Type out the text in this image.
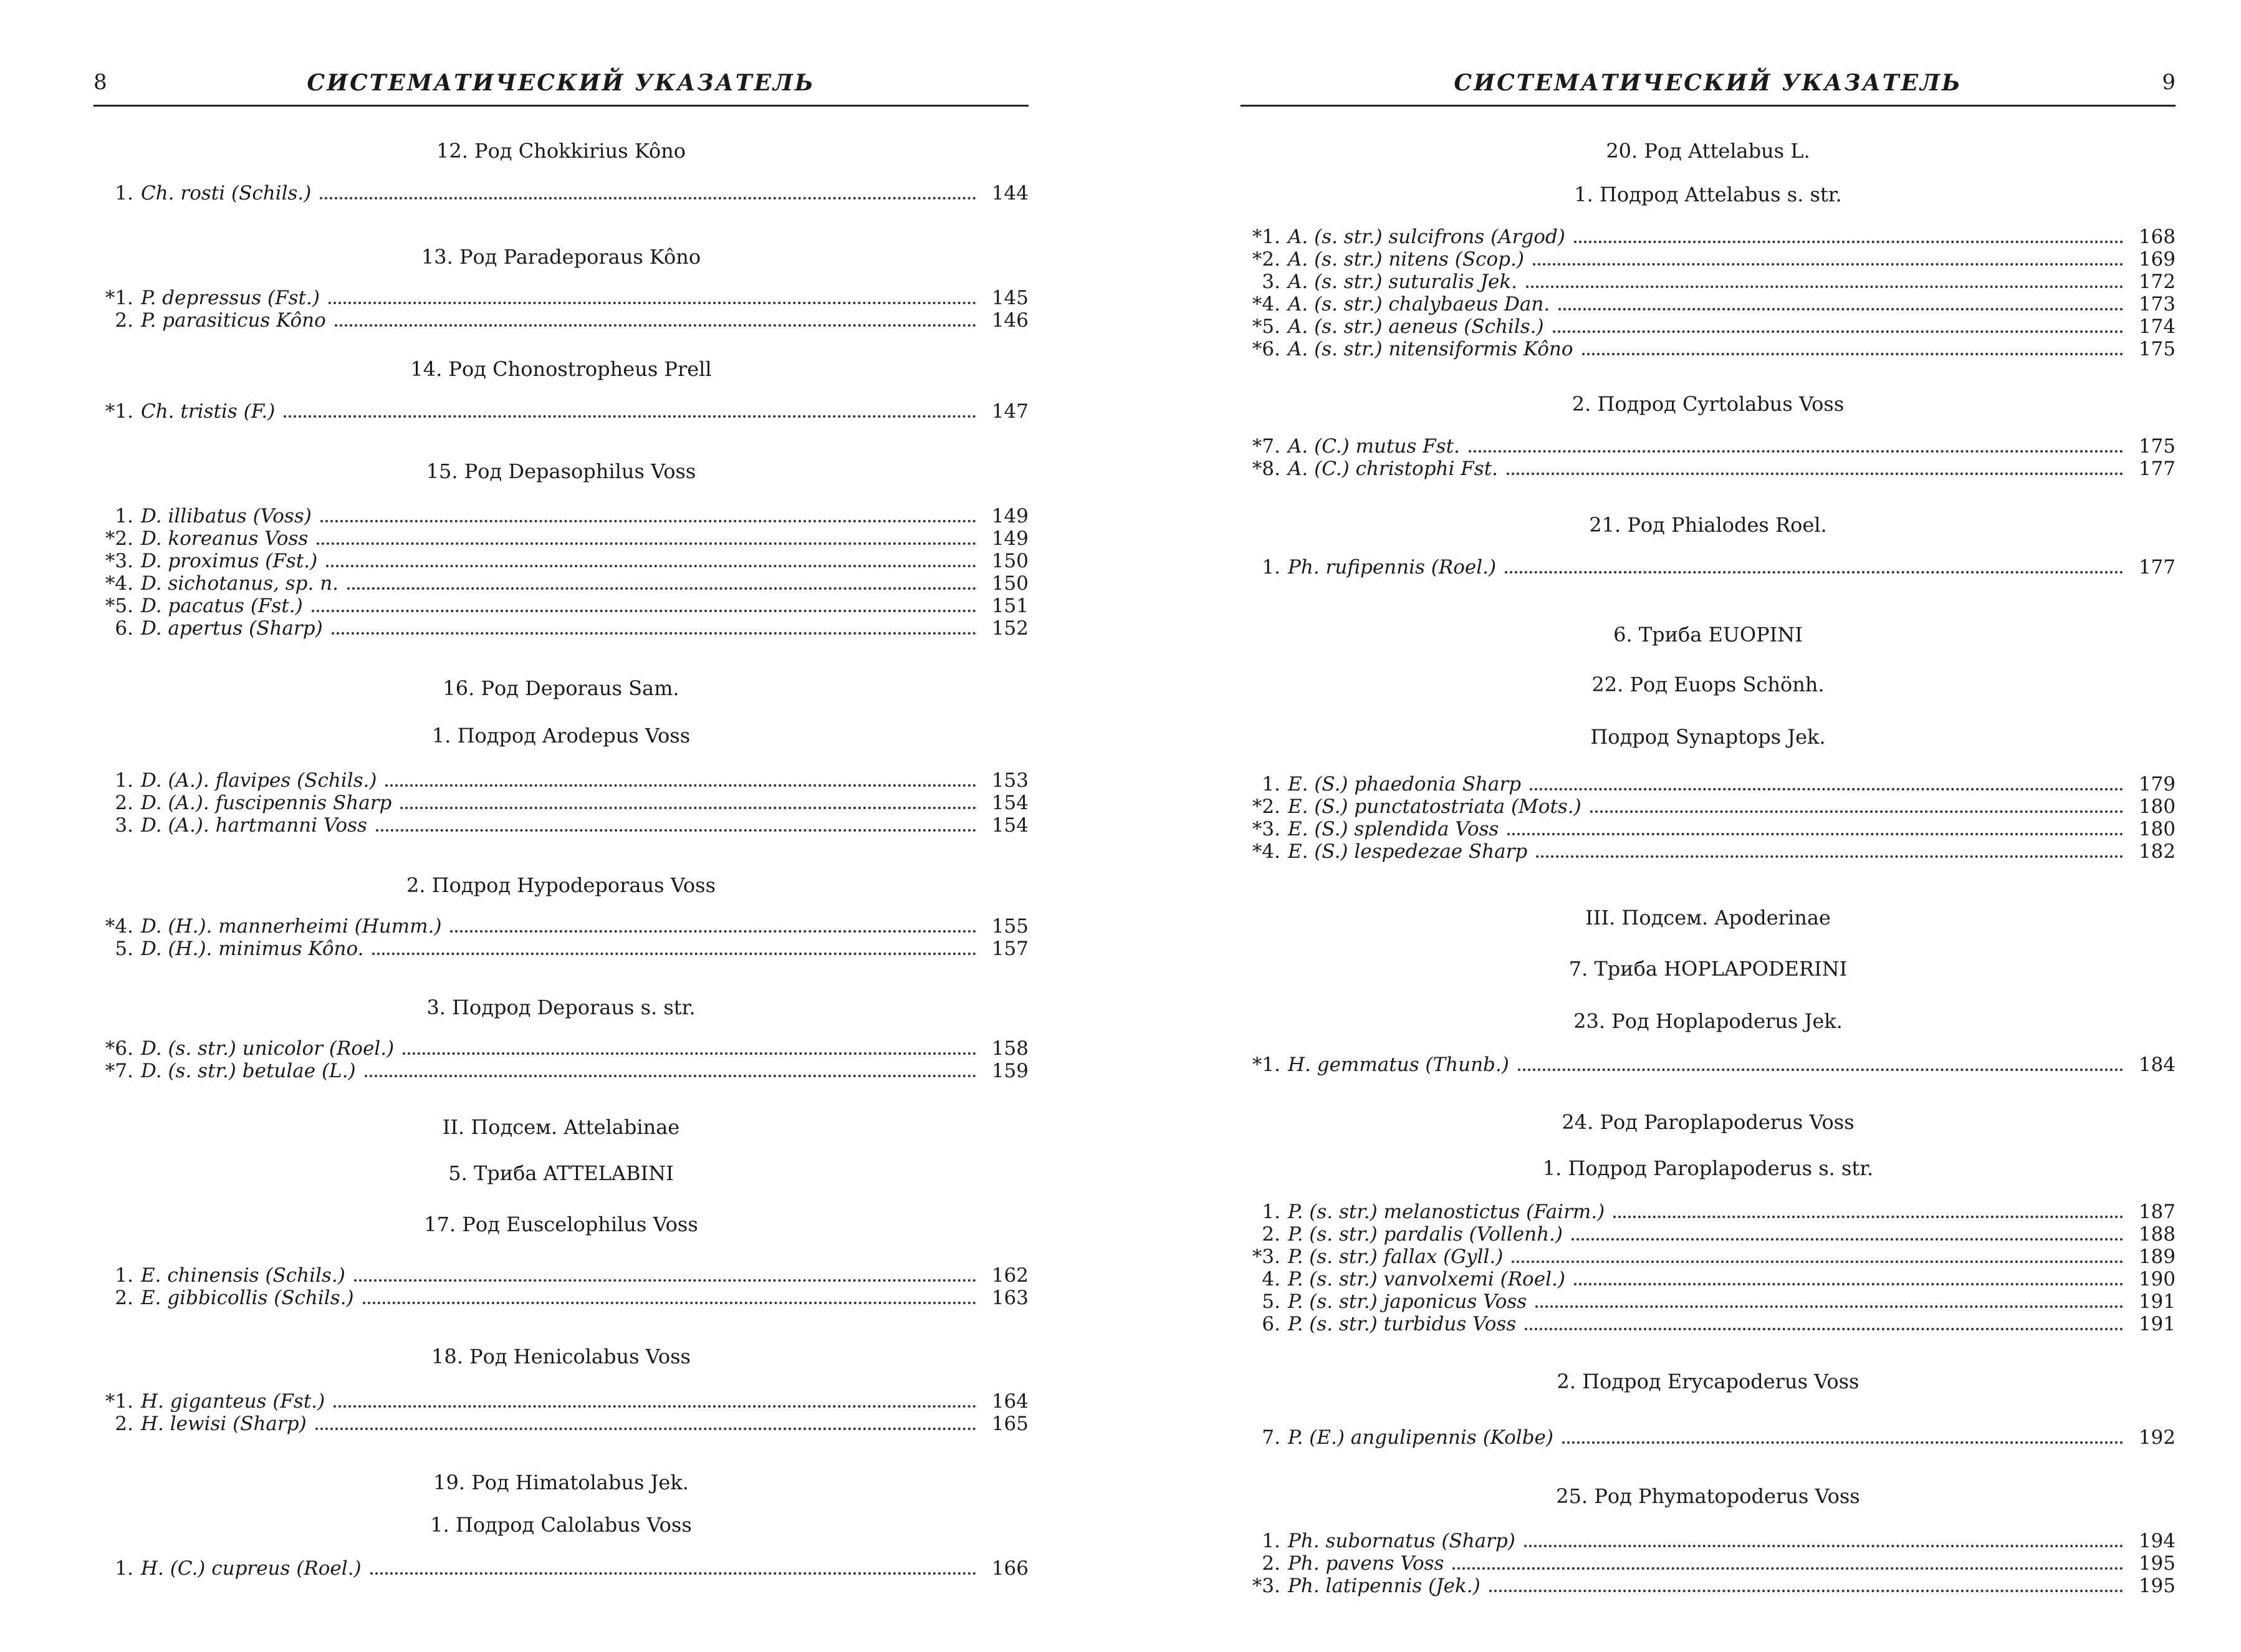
8	СИСТЕМАТИЧЕСКИЙ УКАЗАТЕЛЬ
12. Род Chokkirius Kôno
1. Ch. rosti (Schils.)	144
13. Род Paradeporaus Kôno
*1. P. depressus (Fst.)	145
2. P. parasiticus Kôno	146
14. Род Chonostropheus Prell
*1. Ch. tristis (F.)	147
15. Род Depasophilus Voss
1. D. illibatus (Voss)	149
*2. D. koreanus Voss	149
*3. D. proximus (Fst.)	150
*4. D. sichotanus, sp. n.	150
*5. D. pacatus (Fst.)	151
6. D. apertus (Sharp)	152
16. Род Deporaus Sam.
1. Подрод Arodepus Voss
1. D. (A.). flavipes (Schils.)	153
2. D. (A.). fuscipennis Sharp	154
3. D. (A.). hartmanni Voss	154
2. Подрод Hypodeporaus Voss
*4. D. (H.). mannerheimi (Humm.)	155
5. D. (H.). minimus Kôno.	157
3. Подрод Deporaus s. str.
*6. D. (s. str.) unicolor (Roel.)	158
*7. D. (s. str.) betulae (L.)	159
II. Подсем. Attelabinae
5. Триба ATTELABINI
17. Род Euscelophilus Voss
1. E. chinensis (Schils.)	162
2. E. gibbicollis (Schils.)	163
18. Род Henicolabus Voss
*1. H. giganteus (Fst.)	164
2. H. lewisi (Sharp)	165
19. Род Himatolabus Jek.
1. Подрод Calolabus Voss
1. H. (C.) cupreus (Roel.)	166
СИСТЕМАТИЧЕСКИЙ УКАЗАТЕЛЬ	9
20. Род Attelabus L.
1. Подрод Attelabus s. str.
*1. A. (s. str.) sulcifrons (Argod)	168
*2. A. (s. str.) nitens (Scop.)	169
3. A. (s. str.) suturalis Jek.	172
*4. A. (s. str.) chalybaeus Dan.	173
*5. A. (s. str.) aeneus (Schils.)	174
*6. A. (s. str.) nitensiformis Kôno	175
2. Подрод Cyrtolabus Voss
*7. A. (C.) mutus Fst.	175
*8. A. (C.) christophi Fst.	177
21. Род Phialodes Roel.
1. Ph. rufipennis (Roel.)	177
6. Триба EUOPINI
22. Род Euops Schönh.
Подрод Synaptops Jek.
1. E. (S.) phaedonia Sharp	179
*2. E. (S.) punctatostriata (Mots.)	180
*3. E. (S.) splendida Voss	180
*4. E. (S.) lespedezae Sharp	182
III. Подсем. Apoderinae
7. Триба HOPLAPODERINI
23. Род Hoplapoderus Jek.
*1. H. gemmatus (Thunb.)	184
24. Род Paroplapoderus Voss
1. Подрод Paroplapoderus s. str.
1. P. (s. str.) melanostictus (Fairm.)	187
2. P. (s. str.) pardalis (Vollenh.)	188
*3. P. (s. str.) fallax (Gyll.)	189
4. P. (s. str.) vanvolxemi (Roel.)	190
5. P. (s. str.) japonicus Voss	191
6. P. (s. str.) turbidus Voss	191
2. Подрод Erycapoderus Voss
7. P. (E.) angulipennis (Kolbe)	192
25. Род Phymatopoderus Voss
1. Ph. subornatus (Sharp)	194
2. Ph. pavens Voss	195
*3. Ph. latipennis (Jek.)	195
